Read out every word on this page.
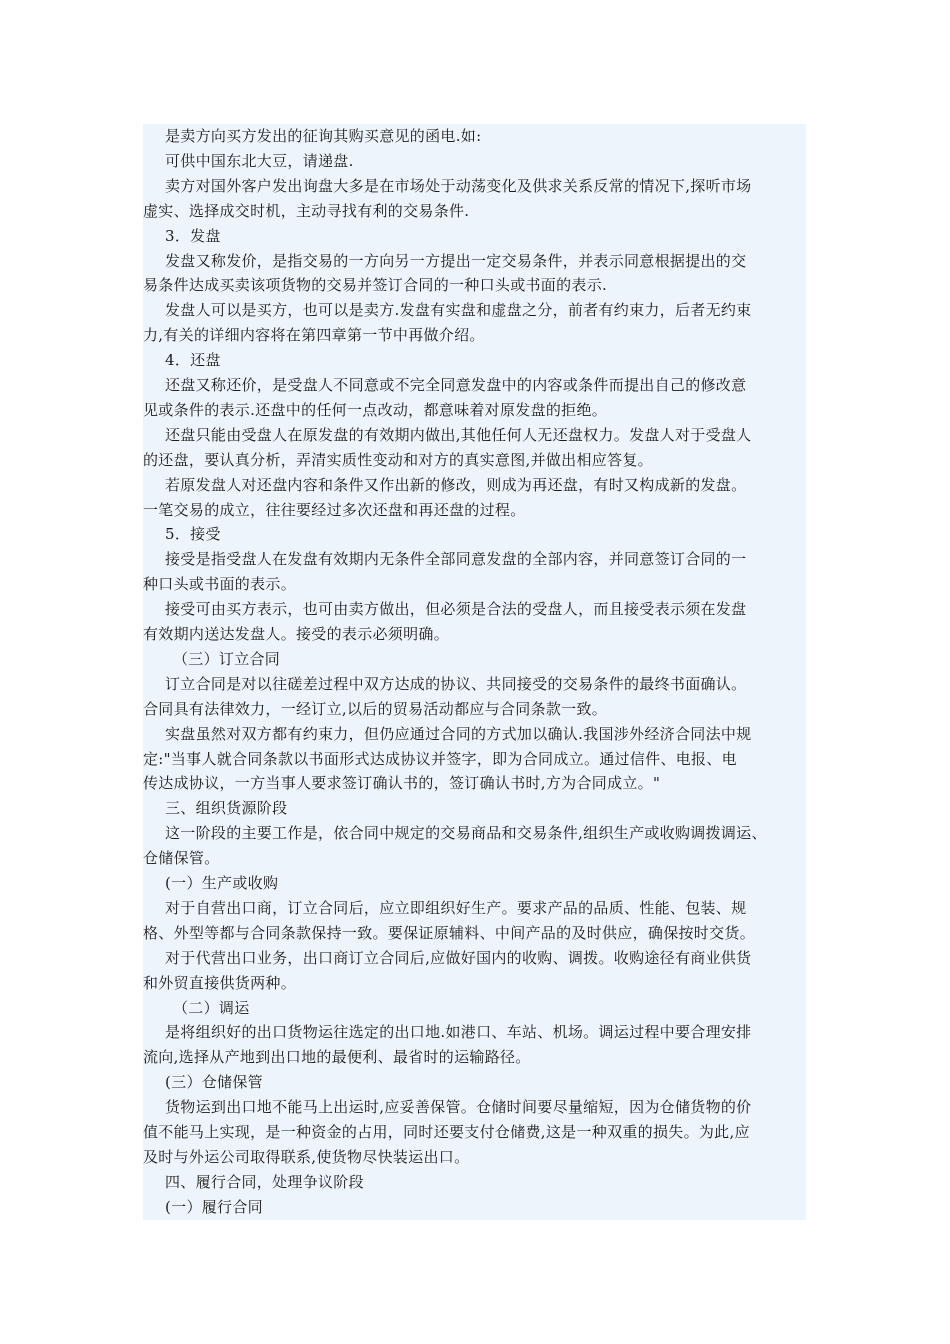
是卖方向买方发出的征询其购买意见的函电.如:
可供中国东北大豆，请递盘.
卖方对国外客户发出询盘大多是在市场处于动荡变化及供求关系反常的情况下,探听市场
虚实、选择成交时机，主动寻找有利的交易条件.
3．发盘
发盘又称发价，是指交易的一方向另一方提出一定交易条件，并表示同意根据提出的交
易条件达成买卖该项货物的交易并签订合同的一种口头或书面的表示.
发盘人可以是买方，也可以是卖方.发盘有实盘和虚盘之分，前者有约束力，后者无约束
力,有关的详细内容将在第四章第一节中再做介绍。
4．还盘
还盘又称还价，是受盘人不同意或不完全同意发盘中的内容或条件而提出自己的修改意
见或条件的表示.还盘中的任何一点改动，都意味着对原发盘的拒绝。
还盘只能由受盘人在原发盘的有效期内做出,其他任何人无还盘权力。发盘人对于受盘人
的还盘，要认真分析，弄清实质性变动和对方的真实意图,并做出相应答复。
若原发盘人对还盘内容和条件又作出新的修改，则成为再还盘，有时又构成新的发盘。
一笔交易的成立，往往要经过多次还盘和再还盘的过程。
5．接受
接受是指受盘人在发盘有效期内无条件全部同意发盘的全部内容，并同意签订合同的一
种口头或书面的表示。
接受可由买方表示，也可由卖方做出，但必须是合法的受盘人，而且接受表示须在发盘
有效期内送达发盘人。接受的表示必须明确。
（三）订立合同
订立合同是对以往磋差过程中双方达成的协议、共同接受的交易条件的最终书面确认。
合同具有法律效力，一经订立,以后的贸易活动都应与合同条款一致。
实盘虽然对双方都有约束力，但仍应通过合同的方式加以确认.我国涉外经济合同法中规
定:"当事人就合同条款以书面形式达成协议并签字，即为合同成立。通过信件、电报、电
传达成协议，一方当事人要求签订确认书的，签订确认书时,方为合同成立。"
三、组织货源阶段
这一阶段的主要工作是，依合同中规定的交易商品和交易条件,组织生产或收购调拨调运、
仓储保管。
(一）生产或收购
对于自营出口商，订立合同后，应立即组织好生产。要求产品的品质、性能、包装、规
格、外型等都与合同条款保持一致。要保证原辅料、中间产品的及时供应，确保按时交货。
对于代营出口业务，出口商订立合同后,应做好国内的收购、调拨。收购途径有商业供货
和外贸直接供货两种。
（二）调运
是将组织好的出口货物运往选定的出口地.如港口、车站、机场。调运过程中要合理安排
流向,选择从产地到出口地的最便利、最省时的运输路径。
(三）仓储保管
货物运到出口地不能马上出运时,应妥善保管。仓储时间要尽量缩短，因为仓储货物的价
值不能马上实现，是一种资金的占用，同时还要支付仓储费,这是一种双重的损失。为此,应
及时与外运公司取得联系,使货物尽快装运出口。
四、履行合同，处理争议阶段
(一）履行合同
